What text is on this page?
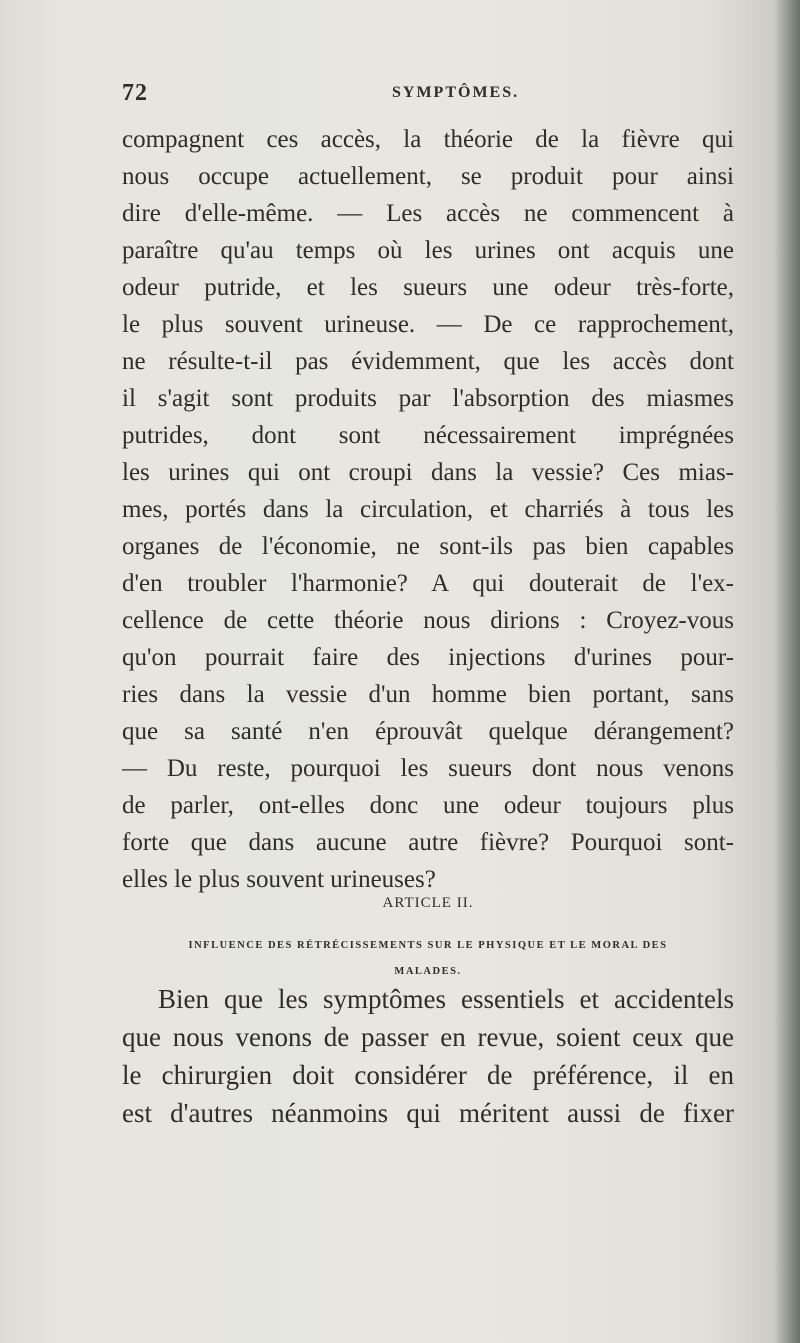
72	SYMPTÔMES.
compagnent ces accès, la théorie de la fièvre qui
nous occupe actuellement, se produit pour ainsi
dire d'elle-même. — Les accès ne commencent à
paraître qu'au temps où les urines ont acquis une
odeur putride, et les sueurs une odeur très-forte,
le plus souvent urineuse. — De ce rapprochement,
ne résulte-t-il pas évidemment, que les accès dont
il s'agit sont produits par l'absorption des miasmes
putrides, dont sont nécessairement imprégnées
les urines qui ont croupi dans la vessie? Ces mias-
mes, portés dans la circulation, et charriés à tous les
organes de l'économie, ne sont-ils pas bien capables
d'en troubler l'harmonie? A qui douterait de l'ex-
cellence de cette théorie nous dirions : Croyez-vous
qu'on pourrait faire des injections d'urines pour-
ries dans la vessie d'un homme bien portant, sans
que sa santé n'en éprouvât quelque dérangement?
— Du reste, pourquoi les sueurs dont nous venons
de parler, ont-elles donc une odeur toujours plus
forte que dans aucune autre fièvre? Pourquoi sont-
elles le plus souvent urineuses?
ARTICLE II.
INFLUENCE DES RÉTRÉCISSEMENTS SUR LE PHYSIQUE ET LE MORAL DES
MALADES.
Bien que les symptômes essentiels et accidentels
que nous venons de passer en revue, soient ceux que
le chirurgien doit considérer de préférence, il en
est d'autres néanmoins qui méritent aussi de fixer
